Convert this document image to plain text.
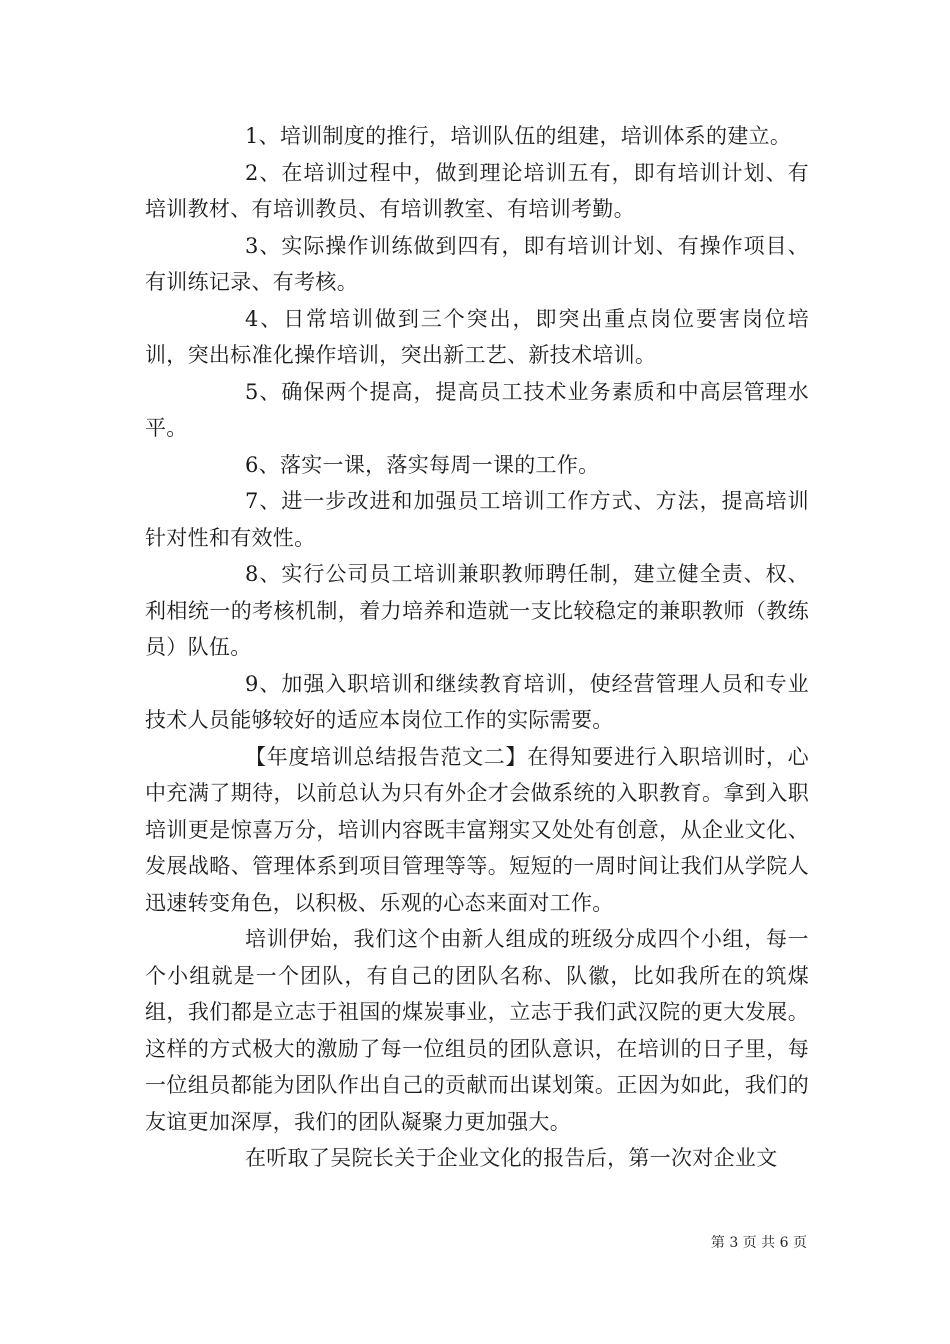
1、培训制度的推行，培训队伍的组建，培训体系的建立。

2、在培训过程中，做到理论培训五有，即有培训计划、有培训教材、有培训教员、有培训教室、有培训考勤。

3、实际操作训练做到四有，即有培训计划、有操作项目、有训练记录、有考核。

4、日常培训做到三个突出，即突出重点岗位要害岗位培训，突出标准化操作培训，突出新工艺、新技术培训。

5、确保两个提高，提高员工技术业务素质和中高层管理水平。

6、落实一课，落实每周一课的工作。

7、进一步改进和加强员工培训工作方式、方法，提高培训针对性和有效性。

8、实行公司员工培训兼职教师聘任制，建立健全责、权、利相统一的考核机制，着力培养和造就一支比较稳定的兼职教师（教练员）队伍。

9、加强入职培训和继续教育培训，使经营管理人员和专业技术人员能够较好的适应本岗位工作的实际需要。

【年度培训总结报告范文二】在得知要进行入职培训时，心中充满了期待，以前总认为只有外企才会做系统的入职教育。拿到入职培训更是惊喜万分，培训内容既丰富翔实又处处有创意，从企业文化、发展战略、管理体系到项目管理等等。短短的一周时间让我们从学院人迅速转变角色，以积极、乐观的心态来面对工作。

培训伊始，我们这个由新人组成的班级分成四个小组，每一个小组就是一个团队，有自己的团队名称、队徽，比如我所在的筑煤组，我们都是立志于祖国的煤炭事业，立志于我们武汉院的更大发展。这样的方式极大的激励了每一位组员的团队意识，在培训的日子里，每一位组员都能为团队作出自己的贡献而出谋划策。正因为如此，我们的友谊更加深厚，我们的团队凝聚力更加强大。

在听取了吴院长关于企业文化的报告后，第一次对企业文

第 3 页 共 6 页
